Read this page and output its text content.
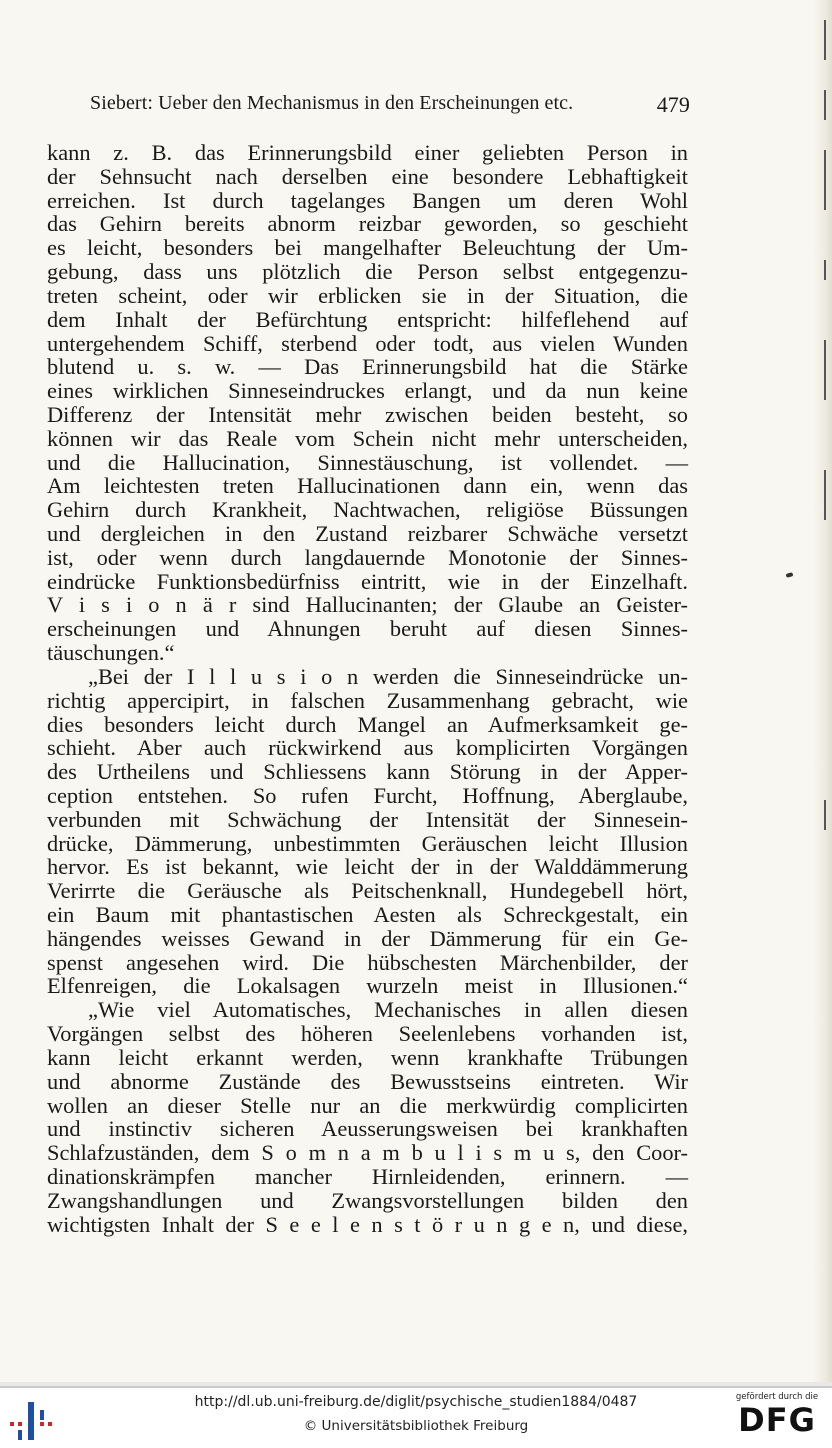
Siebert: Ueber den Mechanismus in den Erscheinungen etc.	479
kann z. B. das Erinnerungsbild einer geliebten Person in
der Sehnsucht nach derselben eine besondere Lebhaftigkeit
erreichen. Ist durch tagelanges Bangen um deren Wohl
das Gehirn bereits abnorm reizbar geworden, so geschieht
es leicht, besonders bei mangelhafter Beleuchtung der Um-
gebung, dass uns plötzlich die Person selbst entgegenzu-
treten scheint, oder wir erblicken sie in der Situation, die
dem Inhalt der Befürchtung entspricht: hilfeflehend auf
untergehendem Schiff, sterbend oder todt, aus vielen Wunden
blutend u. s. w. — Das Erinnerungsbild hat die Stärke
eines wirklichen Sinneseindruckes erlangt, und da nun keine
Differenz der Intensität mehr zwischen beiden besteht, so
können wir das Reale vom Schein nicht mehr unterscheiden,
und die Hallucination, Sinnestäuschung, ist vollendet. —
Am leichtesten treten Hallucinationen dann ein, wenn das
Gehirn durch Krankheit, Nachtwachen, religiöse Büssungen
und dergleichen in den Zustand reizbarer Schwäche versetzt
ist, oder wenn durch langdauernde Monotonie der Sinnes-
eindrücke Funktionsbedürfniss eintritt, wie in der Einzelhaft.
V i s i o n ä r sind Hallucinanten; der Glaube an Geister-
erscheinungen und Ahnungen beruht auf diesen Sinnes-
täuschungen.“
„Bei der I l l u s i o n werden die Sinneseindrücke un-
richtig appercipirt, in falschen Zusammenhang gebracht, wie
dies besonders leicht durch Mangel an Aufmerksamkeit ge-
schieht. Aber auch rückwirkend aus komplicirten Vorgängen
des Urtheilens und Schliessens kann Störung in der Apper-
ception entstehen. So rufen Furcht, Hoffnung, Aberglaube,
verbunden mit Schwächung der Intensität der Sinnesein-
drücke, Dämmerung, unbestimmten Geräuschen leicht Illusion
hervor. Es ist bekannt, wie leicht der in der Walddämmerung
Verirrte die Geräusche als Peitschenknall, Hundegebell hört,
ein Baum mit phantastischen Aesten als Schreckgestalt, ein
hängendes weisses Gewand in der Dämmerung für ein Ge-
spenst angesehen wird. Die hübschesten Märchenbilder, der
Elfenreigen, die Lokalsagen wurzeln meist in Illusionen.“
„Wie viel Automatisches, Mechanisches in allen diesen
Vorgängen selbst des höheren Seelenlebens vorhanden ist,
kann leicht erkannt werden, wenn krankhafte Trübungen
und abnorme Zustände des Bewusstseins eintreten. Wir
wollen an dieser Stelle nur an die merkwürdig complicirten
und instinctiv sicheren Aeusserungsweisen bei krankhaften
Schlafzuständen, dem S o m n a m b u l i s m u s, den Coor-
dinationskrämpfen mancher Hirnleidenden, erinnern. —
Zwangshandlungen und Zwangsvorstellungen bilden den
wichtigsten Inhalt der S e e l e n s t ö r u n g e n, und diese,
http://dl.ub.uni-freiburg.de/diglit/psychische_studien1884/0487
© Universitätsbibliothek Freiburg
gefördert durch die
DFG
